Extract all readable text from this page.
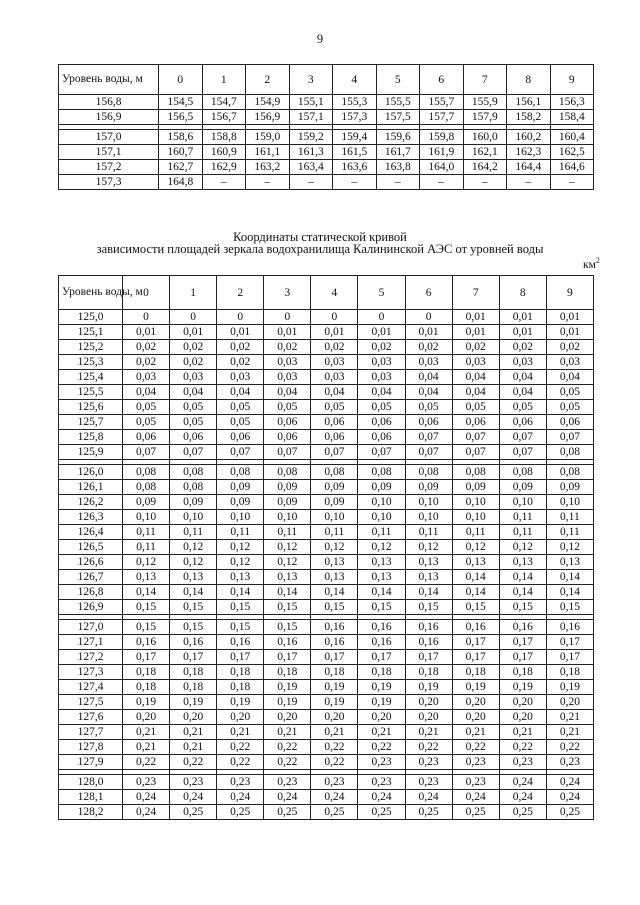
9
Уровень воды, м	0	1	2	3	4	5	6	7	8	9
156,8	154,5	154,7	154,9	155,1	155,3	155,5	155,7	155,9	156,1	156,3
156,9	156,5	156,7	156,9	157,1	157,3	157,5	157,7	157,9	158,2	158,4

157,0	158,6	158,8	159,0	159,2	159,4	159,6	159,8	160,0	160,2	160,4
157,1	160,7	160,9	161,1	161,3	161,5	161,7	161,9	162,1	162,3	162,5
157,2	162,7	162,9	163,2	163,4	163,6	163,8	164,0	164,2	164,4	164,6
157,3	164,8	–	–	–	–	–	–	–	–	–
Координаты статической кривой
зависимости площадей зеркала водохранилища Калининской АЭС от уровней воды
$км^2$
Уровень воды, м	0	1	2	3	4	5	6	7	8	9
125,0	0	0	0	0	0	0	0	0,01	0,01	0,01
125,1	0,01	0,01	0,01	0,01	0,01	0,01	0,01	0,01	0,01	0,01
125,2	0,02	0,02	0,02	0,02	0,02	0,02	0,02	0,02	0,02	0,02
125,3	0,02	0,02	0,02	0,03	0,03	0,03	0,03	0,03	0,03	0,03
125,4	0,03	0,03	0,03	0,03	0,03	0,03	0,04	0,04	0,04	0,04
125,5	0,04	0,04	0,04	0,04	0,04	0,04	0,04	0,04	0,04	0,05
125,6	0,05	0,05	0,05	0,05	0,05	0,05	0,05	0,05	0,05	0,05
125,7	0,05	0,05	0,05	0,06	0,06	0,06	0,06	0,06	0,06	0,06
125,8	0,06	0,06	0,06	0,06	0,06	0,06	0,07	0,07	0,07	0,07
125,9	0,07	0,07	0,07	0,07	0,07	0,07	0,07	0,07	0,07	0,08

126,0	0,08	0,08	0,08	0,08	0,08	0,08	0,08	0,08	0,08	0,08
126,1	0,08	0,08	0,09	0,09	0,09	0,09	0,09	0,09	0,09	0,09
126,2	0,09	0,09	0,09	0,09	0,09	0,10	0,10	0,10	0,10	0,10
126,3	0,10	0,10	0,10	0,10	0,10	0,10	0,10	0,10	0,11	0,11
126,4	0,11	0,11	0,11	0,11	0,11	0,11	0,11	0,11	0,11	0,11
126,5	0,11	0,12	0,12	0,12	0,12	0,12	0,12	0,12	0,12	0,12
126,6	0,12	0,12	0,12	0,12	0,13	0,13	0,13	0,13	0,13	0,13
126,7	0,13	0,13	0,13	0,13	0,13	0,13	0,13	0,14	0,14	0,14
126,8	0,14	0,14	0,14	0,14	0,14	0,14	0,14	0,14	0,14	0,14
126,9	0,15	0,15	0,15	0,15	0,15	0,15	0,15	0,15	0,15	0,15

127,0	0,15	0,15	0,15	0,15	0,16	0,16	0,16	0,16	0,16	0,16
127,1	0,16	0,16	0,16	0,16	0,16	0,16	0,16	0,17	0,17	0,17
127,2	0,17	0,17	0,17	0,17	0,17	0,17	0,17	0,17	0,17	0,17
127,3	0,18	0,18	0,18	0,18	0,18	0,18	0,18	0,18	0,18	0,18
127,4	0,18	0,18	0,18	0,19	0,19	0,19	0,19	0,19	0,19	0,19
127,5	0,19	0,19	0,19	0,19	0,19	0,19	0,20	0,20	0,20	0,20
127,6	0,20	0,20	0,20	0,20	0,20	0,20	0,20	0,20	0,20	0,21
127,7	0,21	0,21	0,21	0,21	0,21	0,21	0,21	0,21	0,21	0,21
127,8	0,21	0,21	0,22	0,22	0,22	0,22	0,22	0,22	0,22	0,22
127,9	0,22	0,22	0,22	0,22	0,22	0,23	0,23	0,23	0,23	0,23

128,0	0,23	0,23	0,23	0,23	0,23	0,23	0,23	0,23	0,24	0,24
128,1	0,24	0,24	0,24	0,24	0,24	0,24	0,24	0,24	0,24	0,24
128,2	0,24	0,25	0,25	0,25	0,25	0,25	0,25	0,25	0,25	0,25
